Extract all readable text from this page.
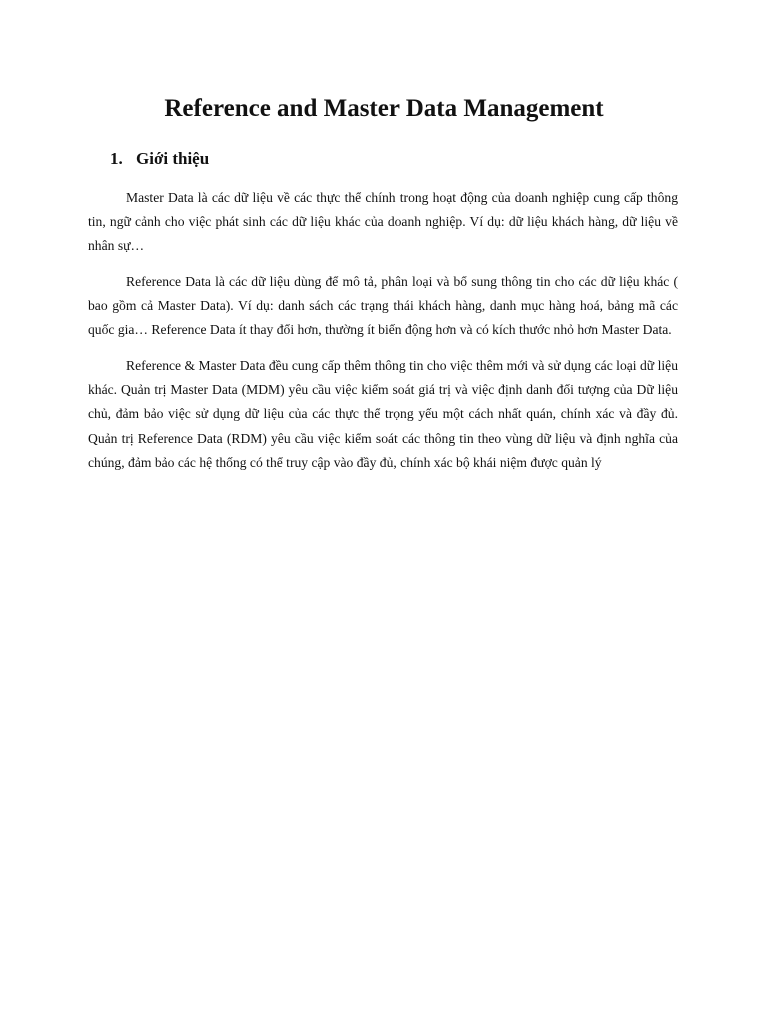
Reference and Master Data Management
1. Giới thiệu

Master Data là các dữ liệu về các thực thể chính trong hoạt động của doanh nghiệp cung cấp thông tin, ngữ cảnh cho việc phát sinh các dữ liệu khác của doanh nghiệp. Ví dụ: dữ liệu khách hàng, dữ liệu về nhân sự…

Reference Data là các dữ liệu dùng để mô tả, phân loại và bổ sung thông tin cho các dữ liệu khác ( bao gồm cả Master Data). Ví dụ: danh sách các trạng thái khách hàng, danh mục hàng hoá, bảng mã các quốc gia… Reference Data ít thay đổi hơn, thường ít biến động hơn và có kích thước nhỏ hơn Master Data.

Reference & Master Data đều cung cấp thêm thông tin cho việc thêm mới và sử dụng các loại dữ liệu khác. Quản trị Master Data (MDM) yêu cầu việc kiểm soát giá trị và việc định danh đối tượng của Dữ liệu chủ, đảm bảo việc sử dụng dữ liệu của các thực thể trọng yếu một cách nhất quán, chính xác và đầy đủ. Quản trị Reference Data (RDM) yêu cầu việc kiểm soát các thông tin theo vùng dữ liệu và định nghĩa của chúng, đảm bảo các hệ thống có thể truy cập vào đầy đủ, chính xác bộ khái niệm được quản lý
